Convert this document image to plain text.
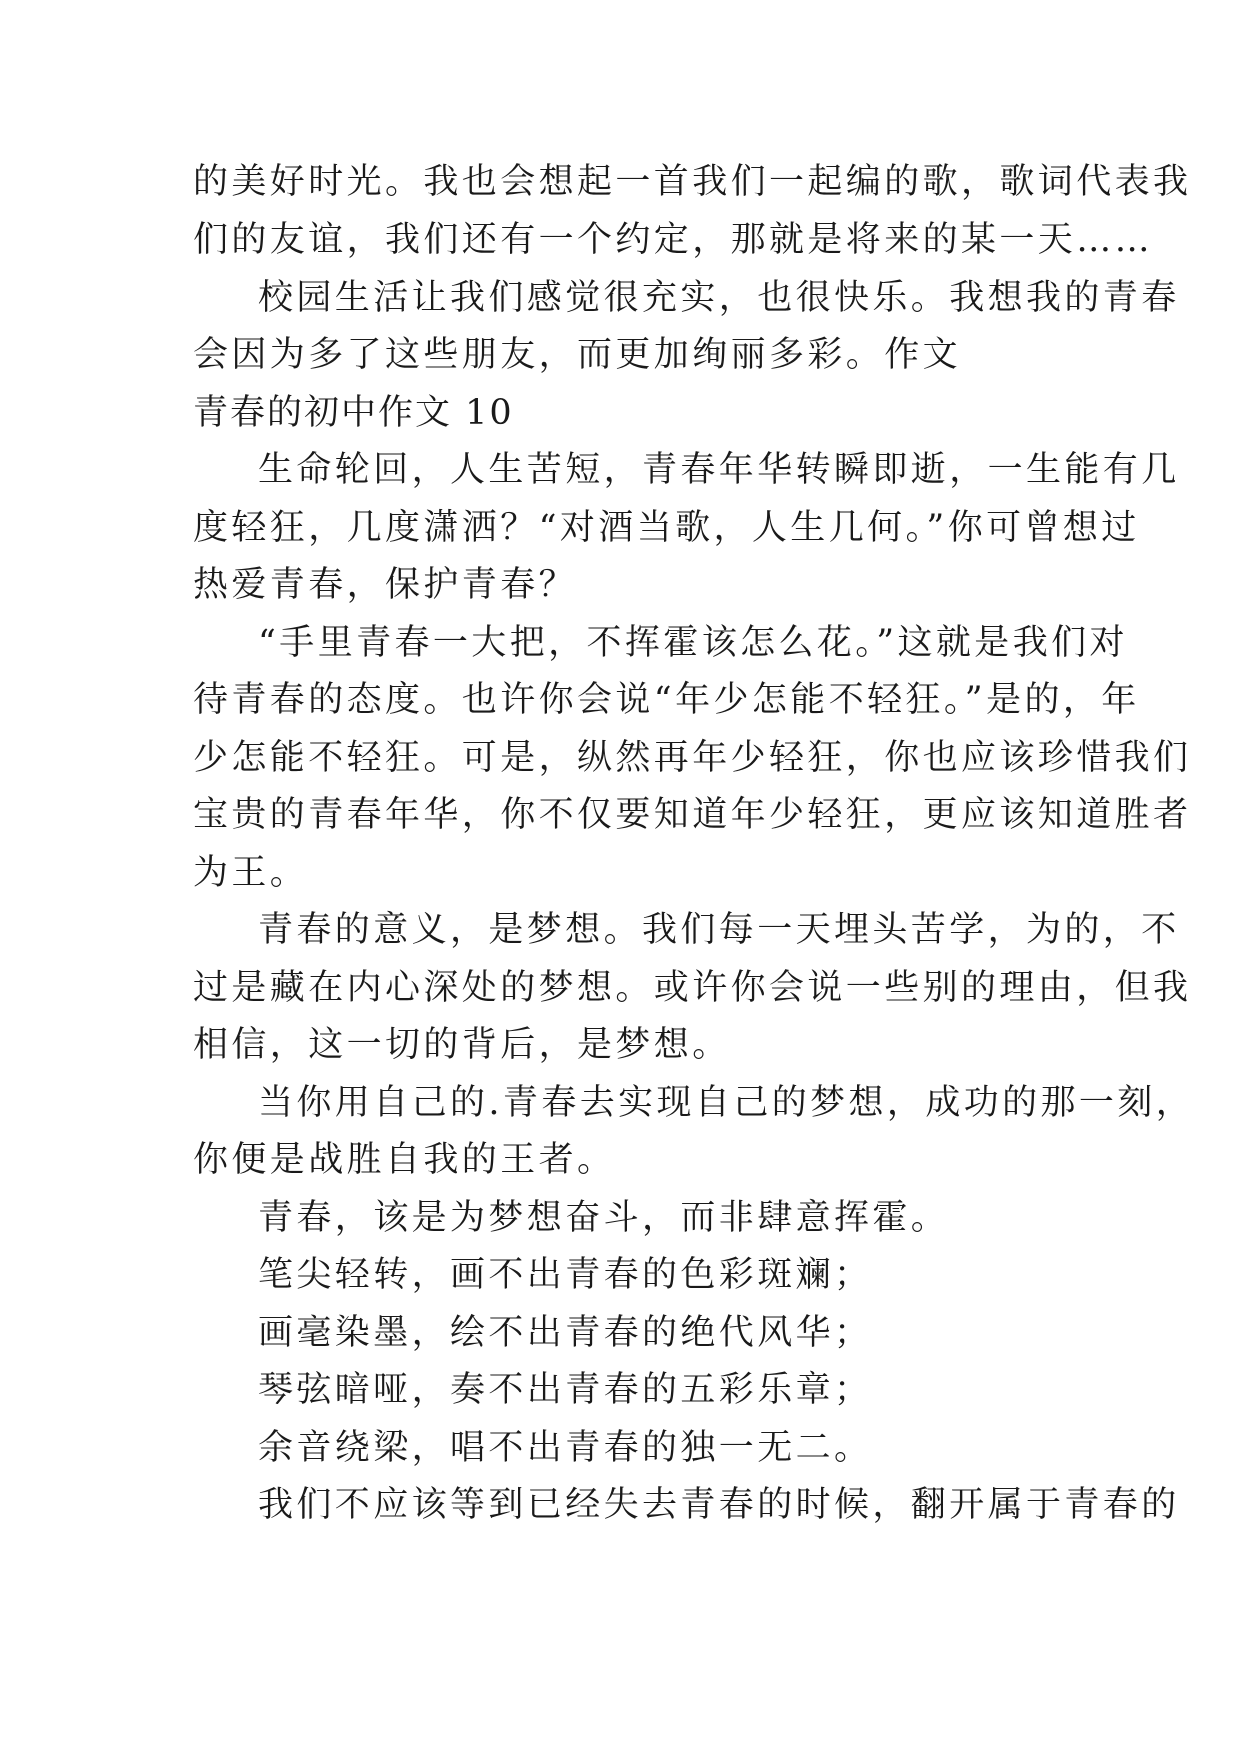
的美好时光。我也会想起一首我们一起编的歌，歌词代表我
们的友谊，我们还有一个约定，那就是将来的某一天……
校园生活让我们感觉很充实，也很快乐。我想我的青春
会因为多了这些朋友，而更加绚丽多彩。作文
青春的初中作文 10
生命轮回，人生苦短，青春年华转瞬即逝，一生能有几
度轻狂，几度潇洒？“对酒当歌，人生几何。”你可曾想过
热爱青春，保护青春？
“手里青春一大把，不挥霍该怎么花。”这就是我们对
待青春的态度。也许你会说“年少怎能不轻狂。”是的，年
少怎能不轻狂。可是，纵然再年少轻狂，你也应该珍惜我们
宝贵的青春年华，你不仅要知道年少轻狂，更应该知道胜者
为王。
青春的意义，是梦想。我们每一天埋头苦学，为的，不
过是藏在内心深处的梦想。或许你会说一些别的理由，但我
相信，这一切的背后，是梦想。
当你用自己的.青春去实现自己的梦想，成功的那一刻，
你便是战胜自我的王者。
青春，该是为梦想奋斗，而非肆意挥霍。
笔尖轻转，画不出青春的色彩斑斓；
画毫染墨，绘不出青春的绝代风华；
琴弦暗哑，奏不出青春的五彩乐章；
余音绕梁，唱不出青春的独一无二。
我们不应该等到已经失去青春的时候，翻开属于青春的
